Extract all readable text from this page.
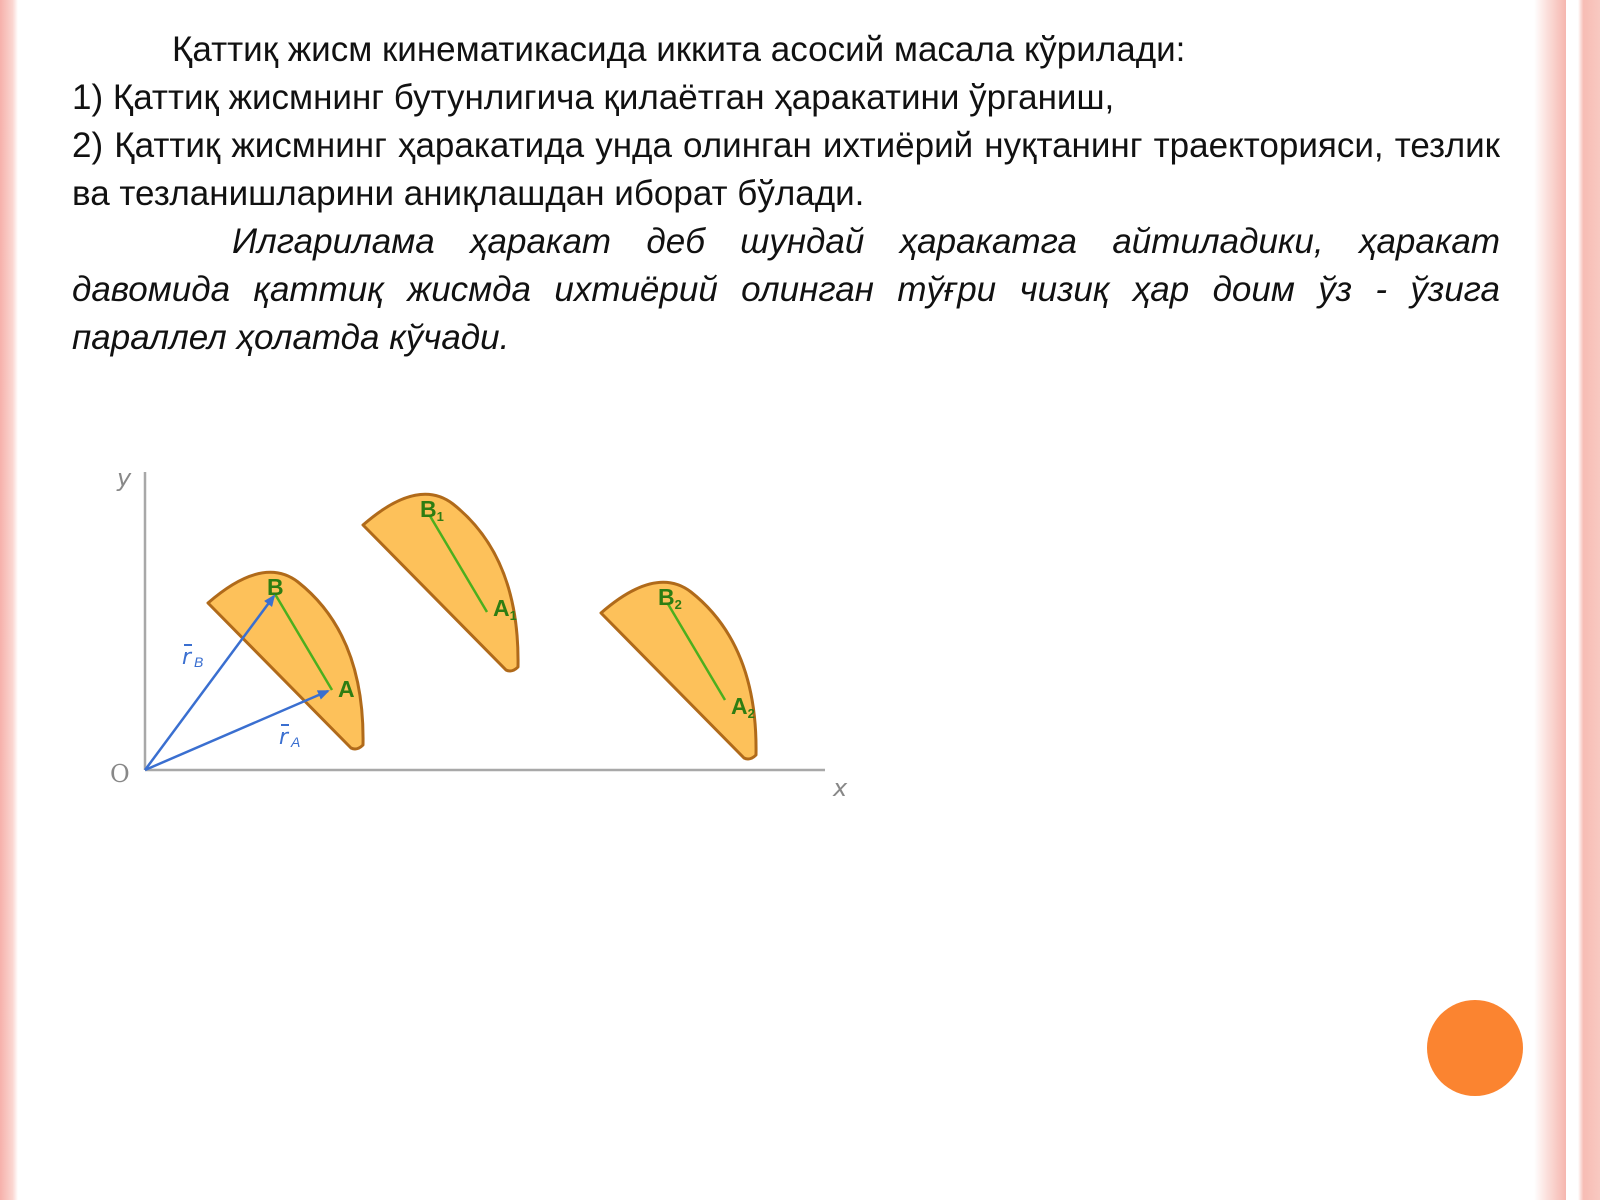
Қаттиқ жисм кинематикасида иккита асосий масала кўрилади:

1) Қаттиқ жисмнинг бутунлигича қилаётган ҳаракатини ўрганиш,

2) Қаттиқ жисмнинг ҳаракатида унда олинган ихтиёрий нуқтанинг траекторияси, тезлик ва тезланишларини аниқлашдан иборат бўлади.

Илгарилама ҳаракат деб шундай ҳаракатга айтиладики, ҳаракат давомида қаттиқ жисмда ихтиёрий олинган тўғри чизиқ ҳар доим ўз - ўзига параллел ҳолатда кўчади.

y
x
O
B
A
r B
r A
B1
A1
B2
A2
